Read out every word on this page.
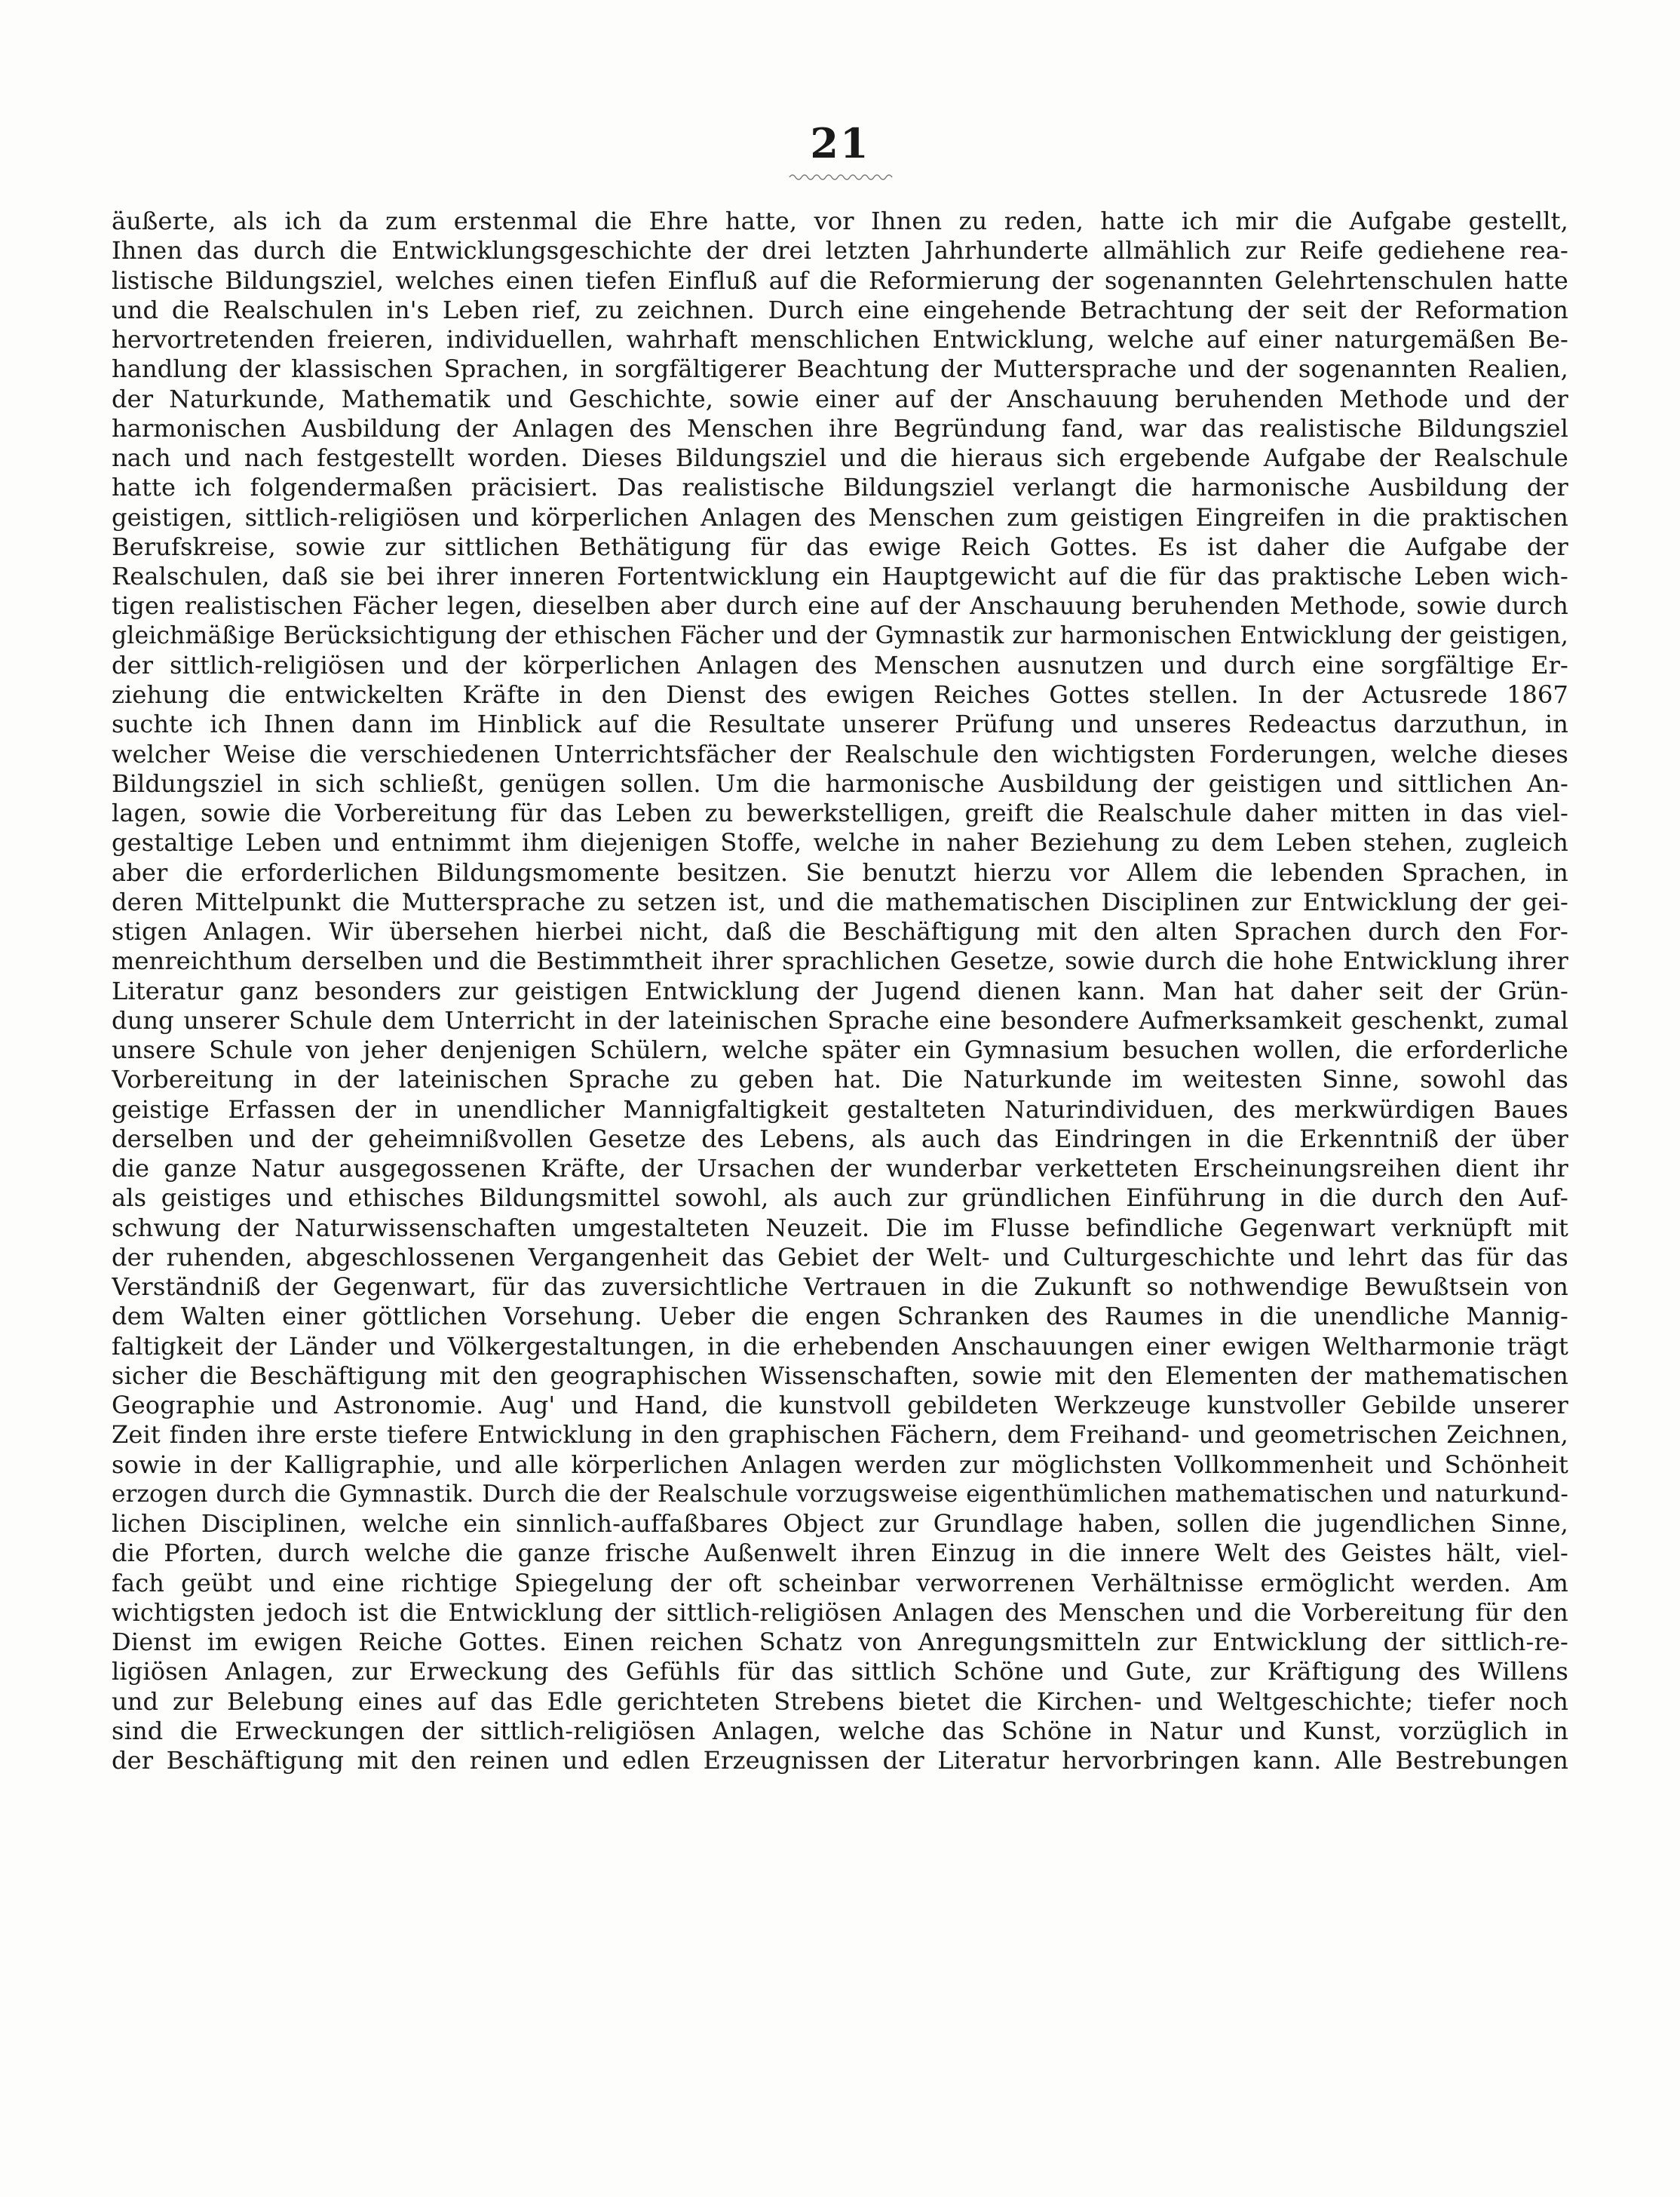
21
äußerte, als ich da zum erstenmal die Ehre hatte, vor Ihnen zu reden, hatte ich mir die Aufgabe gestellt,
Ihnen das durch die Entwicklungsgeschichte der drei letzten Jahrhunderte allmählich zur Reife gediehene rea-
listische Bildungsziel, welches einen tiefen Einfluß auf die Reformierung der sogenannten Gelehrtenschulen hatte
und die Realschulen in's Leben rief, zu zeichnen. Durch eine eingehende Betrachtung der seit der Reformation
hervortretenden freieren, individuellen, wahrhaft menschlichen Entwicklung, welche auf einer naturgemäßen Be-
handlung der klassischen Sprachen, in sorgfältigerer Beachtung der Muttersprache und der sogenannten Realien,
der Naturkunde, Mathematik und Geschichte, sowie einer auf der Anschauung beruhenden Methode und der
harmonischen Ausbildung der Anlagen des Menschen ihre Begründung fand, war das realistische Bildungsziel
nach und nach festgestellt worden. Dieses Bildungsziel und die hieraus sich ergebende Aufgabe der Realschule
hatte ich folgendermaßen präcisiert. Das realistische Bildungsziel verlangt die harmonische Ausbildung der
geistigen, sittlich-religiösen und körperlichen Anlagen des Menschen zum geistigen Eingreifen in die praktischen
Berufskreise, sowie zur sittlichen Bethätigung für das ewige Reich Gottes. Es ist daher die Aufgabe der
Realschulen, daß sie bei ihrer inneren Fortentwicklung ein Hauptgewicht auf die für das praktische Leben wich-
tigen realistischen Fächer legen, dieselben aber durch eine auf der Anschauung beruhenden Methode, sowie durch
gleichmäßige Berücksichtigung der ethischen Fächer und der Gymnastik zur harmonischen Entwicklung der geistigen,
der sittlich-religiösen und der körperlichen Anlagen des Menschen ausnutzen und durch eine sorgfältige Er-
ziehung die entwickelten Kräfte in den Dienst des ewigen Reiches Gottes stellen. In der Actusrede 1867
suchte ich Ihnen dann im Hinblick auf die Resultate unserer Prüfung und unseres Redeactus darzuthun, in
welcher Weise die verschiedenen Unterrichtsfächer der Realschule den wichtigsten Forderungen, welche dieses
Bildungsziel in sich schließt, genügen sollen. Um die harmonische Ausbildung der geistigen und sittlichen An-
lagen, sowie die Vorbereitung für das Leben zu bewerkstelligen, greift die Realschule daher mitten in das viel-
gestaltige Leben und entnimmt ihm diejenigen Stoffe, welche in naher Beziehung zu dem Leben stehen, zugleich
aber die erforderlichen Bildungsmomente besitzen. Sie benutzt hierzu vor Allem die lebenden Sprachen, in
deren Mittelpunkt die Muttersprache zu setzen ist, und die mathematischen Disciplinen zur Entwicklung der gei-
stigen Anlagen. Wir übersehen hierbei nicht, daß die Beschäftigung mit den alten Sprachen durch den For-
menreichthum derselben und die Bestimmtheit ihrer sprachlichen Gesetze, sowie durch die hohe Entwicklung ihrer
Literatur ganz besonders zur geistigen Entwicklung der Jugend dienen kann. Man hat daher seit der Grün-
dung unserer Schule dem Unterricht in der lateinischen Sprache eine besondere Aufmerksamkeit geschenkt, zumal
unsere Schule von jeher denjenigen Schülern, welche später ein Gymnasium besuchen wollen, die erforderliche
Vorbereitung in der lateinischen Sprache zu geben hat. Die Naturkunde im weitesten Sinne, sowohl das
geistige Erfassen der in unendlicher Mannigfaltigkeit gestalteten Naturindividuen, des merkwürdigen Baues
derselben und der geheimnißvollen Gesetze des Lebens, als auch das Eindringen in die Erkenntniß der über
die ganze Natur ausgegossenen Kräfte, der Ursachen der wunderbar verketteten Erscheinungsreihen dient ihr
als geistiges und ethisches Bildungsmittel sowohl, als auch zur gründlichen Einführung in die durch den Auf-
schwung der Naturwissenschaften umgestalteten Neuzeit. Die im Flusse befindliche Gegenwart verknüpft mit
der ruhenden, abgeschlossenen Vergangenheit das Gebiet der Welt- und Culturgeschichte und lehrt das für das
Verständniß der Gegenwart, für das zuversichtliche Vertrauen in die Zukunft so nothwendige Bewußtsein von
dem Walten einer göttlichen Vorsehung. Ueber die engen Schranken des Raumes in die unendliche Mannig-
faltigkeit der Länder und Völkergestaltungen, in die erhebenden Anschauungen einer ewigen Weltharmonie trägt
sicher die Beschäftigung mit den geographischen Wissenschaften, sowie mit den Elementen der mathematischen
Geographie und Astronomie. Aug' und Hand, die kunstvoll gebildeten Werkzeuge kunstvoller Gebilde unserer
Zeit finden ihre erste tiefere Entwicklung in den graphischen Fächern, dem Freihand- und geometrischen Zeichnen,
sowie in der Kalligraphie, und alle körperlichen Anlagen werden zur möglichsten Vollkommenheit und Schönheit
erzogen durch die Gymnastik. Durch die der Realschule vorzugsweise eigenthümlichen mathematischen und naturkund-
lichen Disciplinen, welche ein sinnlich-auffaßbares Object zur Grundlage haben, sollen die jugendlichen Sinne,
die Pforten, durch welche die ganze frische Außenwelt ihren Einzug in die innere Welt des Geistes hält, viel-
fach geübt und eine richtige Spiegelung der oft scheinbar verworrenen Verhältnisse ermöglicht werden. Am
wichtigsten jedoch ist die Entwicklung der sittlich-religiösen Anlagen des Menschen und die Vorbereitung für den
Dienst im ewigen Reiche Gottes. Einen reichen Schatz von Anregungsmitteln zur Entwicklung der sittlich-re-
ligiösen Anlagen, zur Erweckung des Gefühls für das sittlich Schöne und Gute, zur Kräftigung des Willens
und zur Belebung eines auf das Edle gerichteten Strebens bietet die Kirchen- und Weltgeschichte; tiefer noch
sind die Erweckungen der sittlich-religiösen Anlagen, welche das Schöne in Natur und Kunst, vorzüglich in
der Beschäftigung mit den reinen und edlen Erzeugnissen der Literatur hervorbringen kann. Alle Bestrebungen
